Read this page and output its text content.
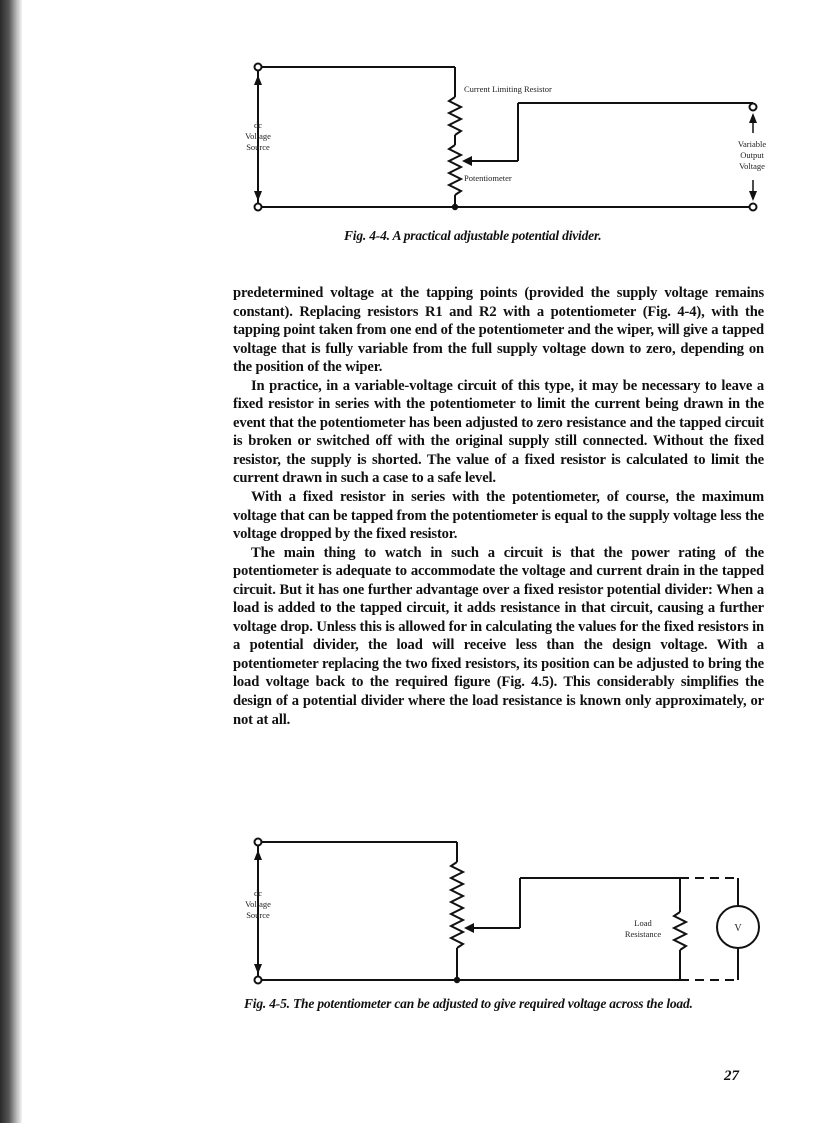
dc
Voltage
Source
Current Limiting Resistor
Potentiometer
Variable
Output
Voltage
Fig. 4-4. A practical adjustable potential divider.

predetermined voltage at the tapping points (provided the supply voltage remains constant). Replacing resistors R1 and R2 with a potentiometer (Fig. 4-4), with the tapping point taken from one end of the potentiometer and the wiper, will give a tapped voltage that is fully variable from the full supply voltage down to zero, depending on the position of the wiper.

In practice, in a variable-voltage circuit of this type, it may be necessary to leave a fixed resistor in series with the potentiometer to limit the current being drawn in the event that the potentiometer has been adjusted to zero resistance and the tapped circuit is broken or switched off with the original supply still connected. Without the fixed resistor, the supply is shorted. The value of a fixed resistor is calculated to limit the current drawn in such a case to a safe level.

With a fixed resistor in series with the potentiometer, of course, the maximum voltage that can be tapped from the potentiometer is equal to the supply voltage less the voltage dropped by the fixed resistor.

The main thing to watch in such a circuit is that the power rating of the potentiometer is adequate to accommodate the voltage and current drain in the tapped circuit. But it has one further advantage over a fixed resistor potential divider: When a load is added to the tapped circuit, it adds resistance in that circuit, causing a further voltage drop. Unless this is allowed for in calculating the values for the fixed resistors in a potential divider, the load will receive less than the design voltage. With a potentiometer replacing the two fixed resistors, its position can be adjusted to bring the load voltage back to the required figure (Fig. 4.5). This considerably simplifies the design of a potential divider where the load resistance is known only approximately, or not at all.

dc
Voltage
Source
Load
Resistance	V
Fig. 4-5. The potentiometer can be adjusted to give required voltage across the load.
27
